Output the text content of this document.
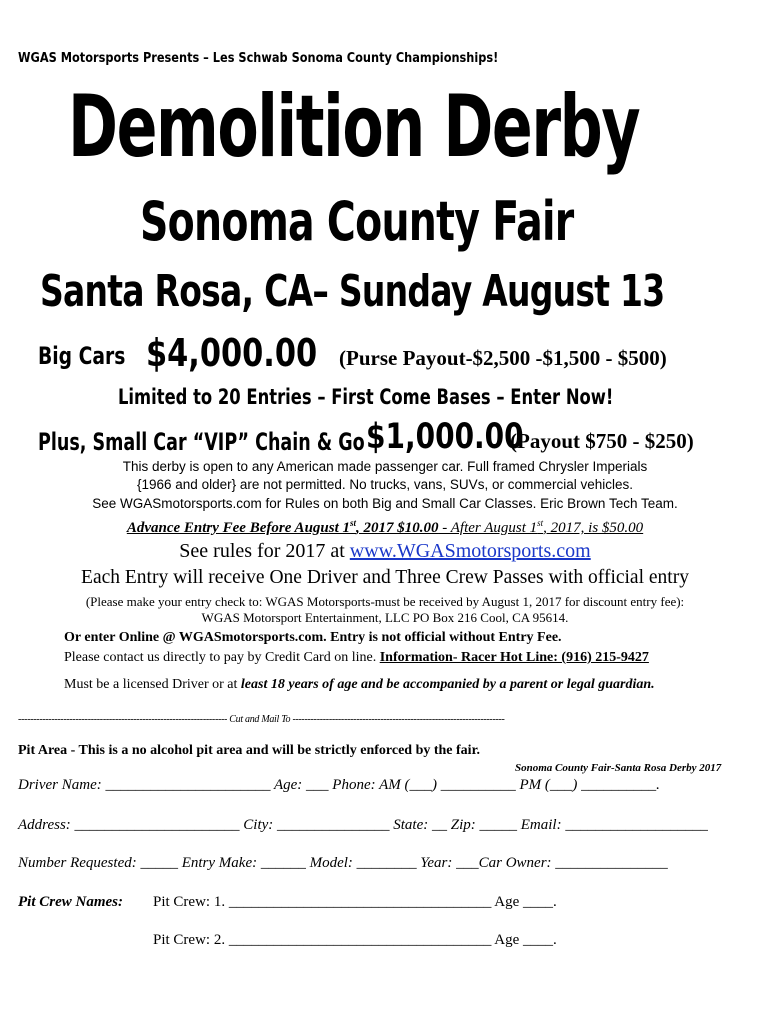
WGAS Motorsports Presents – Les Schwab Sonoma County Championships!
Demolition Derby
Sonoma County Fair
Santa Rosa, CA– Sunday August 13
Big Cars $4,000.00 (Purse Payout-$2,500 -$1,500 - $500)
Limited to 20 Entries – First Come Bases – Enter Now!
Plus, Small Car “VIP” Chain & Go $1,000.00
(Payout $750 - $250)
This derby is open to any American made passenger car. Full framed Chrysler Imperials
{1966 and older} are not permitted. No trucks, vans, SUVs, or commercial vehicles.
See WGASmotorsports.com for Rules on both Big and Small Car Classes. Eric Brown Tech Team.
Advance Entry Fee Before August 1st, 2017 $10.00 - After August 1st, 2017, is $50.00
See rules for 2017 at www.WGASmotorsports.com
Each Entry will receive One Driver and Three Crew Passes with official entry
(Please make your entry check to: WGAS Motorsports-must be received by August 1, 2017 for discount entry fee):
WGAS Motorsport Entertainment, LLC PO Box 216 Cool, CA 95614.
Or enter Online @ WGASmotorsports.com. Entry is not official without Entry Fee.
Please contact us directly to pay by Credit Card on line. Information- Racer Hot Line: (916) 215-9427
Must be a licensed Driver or at least 18 years of age and be accompanied by a parent or legal guardian.
--------------------------------------------------------------------- Cut and Mail To ----------------------------------------------------------------------
Pit Area - This is a no alcohol pit area and will be strictly enforced by the fair.
Sonoma County Fair-Santa Rosa Derby 2017
Driver Name: ______________________ Age: ___ Phone: AM (___) __________ PM (___) __________.
Address: ______________________ City: _______________ State: __ Zip: _____ Email: ___________________
Number Requested: _____ Entry Make: ______ Model: ________ Year: ___Car Owner: _______________
Pit Crew Names: Pit Crew: 1. ___________________________________ Age ____.
Pit Crew: 2. ___________________________________ Age ____.
